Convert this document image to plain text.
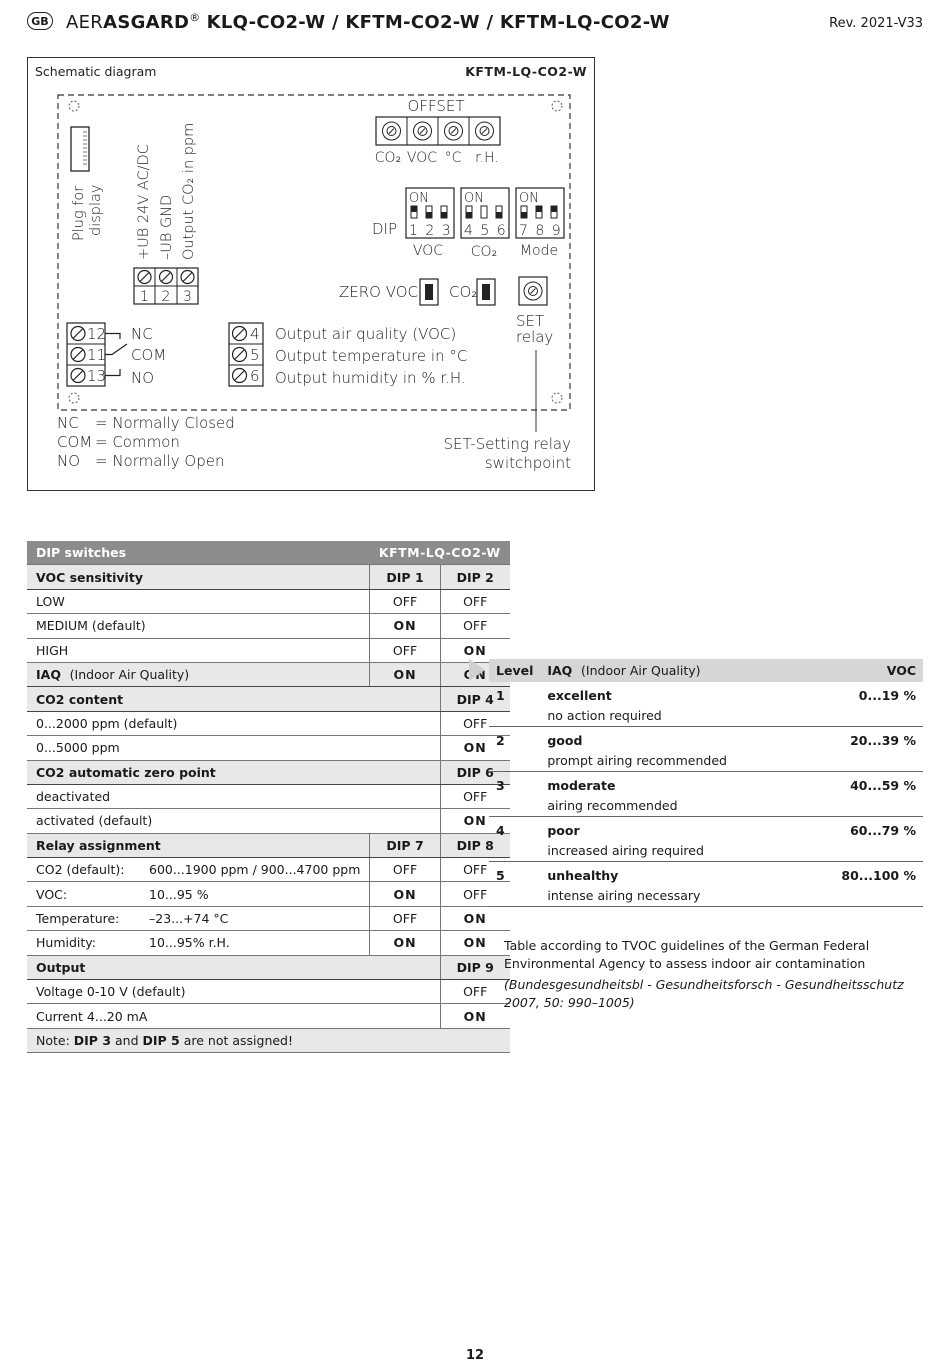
GB AERASGARD® KLQ-CO2-W / KFTM-CO2-W / KFTM-LQ-CO2-W	Rev. 2021-V33
Schematic diagram	KFTM-LQ-CO2-W
Plug for display +UB 24V AC/DC –UB GND Output CO₂ in ppm
1 2 3
OFFSET
CO₂ VOC °C r.H.
DIP
ON
1 2 3
VOC
ON
4 5 6
CO₂
ON
7 8 9
Mode
ZERO VOC CO₂
SET
relay
12
11
13
NC
COM
NO
4
5
6
Output air quality (VOC)
Output temperature in °C
Output humidity in % r.H.
NC = Normally Closed
COM = Common
NO = Normally Open
SET-Setting relay
switchpoint
DIP switches	KFTM-LQ-CO2-W	
VOC sensitivity	DIP 1	DIP 2
LOW	OFF	OFF
MEDIUM (default)	ON	OFF
HIGH	OFF	ON
IAQ (Indoor Air Quality)	ON	ON
CO2 content		DIP 4
0...2000 ppm (default)		OFF
0...5000 ppm		ON
CO2 automatic zero point		DIP 6
deactivated		OFF
activated (default)		ON
Relay assignment	DIP 7	DIP 8
CO2 (default): 600...1900 ppm / 900...4700 ppm	OFF	OFF
VOC: 10...95 %	ON	OFF
Temperature: –23...+74 °C	OFF	ON
Humidity: 10...95% r.H.	ON	ON
Output		DIP 9
Voltage 0-10 V (default)		OFF
Current 4...20 mA		ON
Note: DIP 3 and DIP 5 are not assigned!		
Level	IAQ (Indoor Air Quality)	VOC
1	excellent	0...19 %
	no action required	
2	good	20...39 %
	prompt airing recommended	
3	moderate	40...59 %
	airing recommended	
4	poor	60...79 %
	increased airing required	
5	unhealthy	80...100 %
	intense airing necessary	
Table according to TVOC guidelines of the German Federal Environmental Agency to assess indoor air contamination
(Bundesgesundheitsbl - Gesundheitsforsch - Gesundheitsschutz 2007, 50: 990–1005)
12
